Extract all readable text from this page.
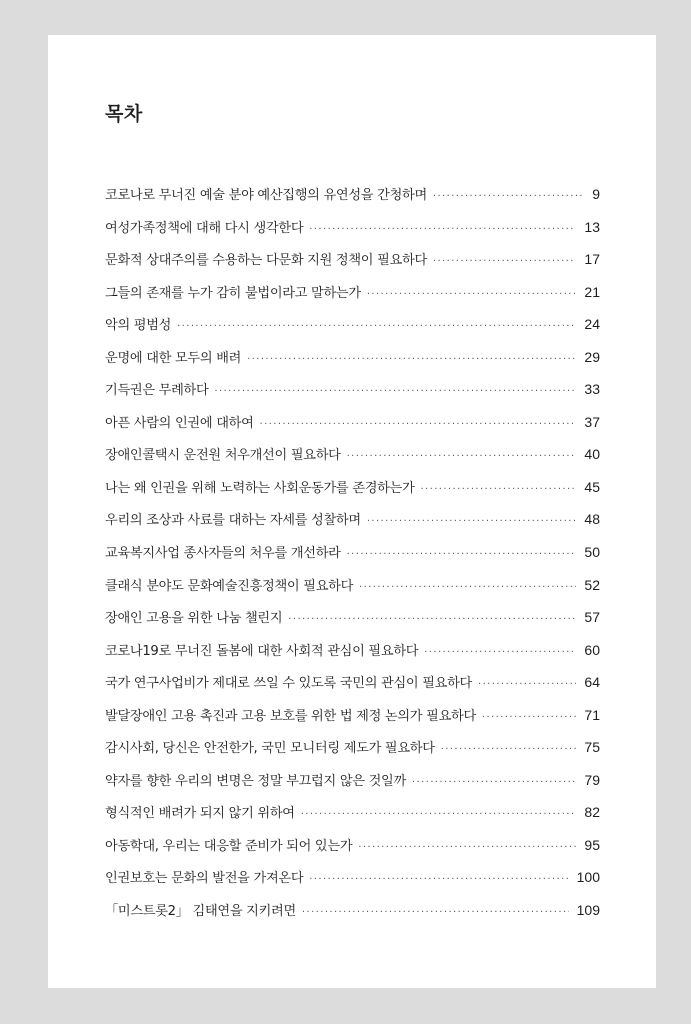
목차
코로나로 무너진 예술 분야 예산집행의 유연성을 간청하며 ·····	9
여성가족정책에 대해 다시 생각한다 ·····	13
문화적 상대주의를 수용하는 다문화 지원 정책이 필요하다 ·····	17
그들의 존재를 누가 감히 불법이라고 말하는가 ·····	21
악의 평범성 ·····	24
운명에 대한 모두의 배려 ·····	29
기득권은 무례하다 ·····	33
아픈 사람의 인권에 대하여 ·····	37
장애인콜택시 운전원 처우개선이 필요하다 ·····	40
나는 왜 인권을 위해 노력하는 사회운동가를 존경하는가 ·····	45
우리의 조상과 사료를 대하는 자세를 성찰하며 ·····	48
교육복지사업 종사자들의 처우를 개선하라 ·····	50
클래식 분야도 문화예술진흥정책이 필요하다 ·····	52
장애인 고용을 위한 나눔 챌린지 ·····	57
코로나19로 무너진 돌봄에 대한 사회적 관심이 필요하다 ·····	60
국가 연구사업비가 제대로 쓰일 수 있도록 국민의 관심이 필요하다 ·····	64
발달장애인 고용 촉진과 고용 보호를 위한 법 제정 논의가 필요하다 ·····	71
감시사회, 당신은 안전한가, 국민 모니터링 제도가 필요하다 ·····	75
약자를 향한 우리의 변명은 정말 부끄럽지 않은 것일까 ·····	79
형식적인 배려가 되지 않기 위하여 ·····	82
아동학대, 우리는 대응할 준비가 되어 있는가 ·····	95
인권보호는 문화의 발전을 가져온다 ·····	100
「미스트롯2」 김태연을 지키려면 ·····	109
